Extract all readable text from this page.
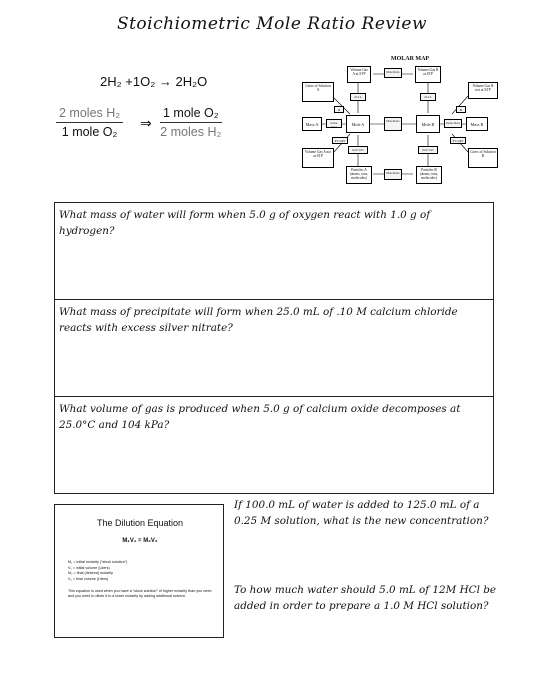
Stoichiometric Mole Ratio Review
2H₂ +1O₂ → 2H₂O
2 moles H₂
1 mole O₂	⇒
1 mole O₂
2 moles H₂
MOLAR MAP
Volume Gas A at STP
Mole Ratio	Volume Gas B at STP
Volume Gas B not at STP
Liters of Solution A
Mass A	Mole A
Mole Ratio
Mole B	Mass B
Liters of Solution B
Volume Gas A not at STP
Particles A (atoms, ions, molecules)
Mole Ratio
Particles B (atoms, ions, molecules)
22.4 L	22.4 L
M
molar mass
molar mass
M
PV=nRT	PV=nRT
6.02×10²³	6.02×10²³
What mass of water will form when 5.0 g of oxygen react with 1.0 g of hydrogen?
What mass of precipitate will form when 25.0 mL of .10 M calcium chloride reacts with excess silver nitrate?
What volume of gas is produced when 5.0 g of calcium oxide decomposes at 25.0°C and 104 kPa?
The Dilution Equation
M₁V₁ = M₂V₂
M₁ = initial molarity ("stock solution")
V₁ = initial volume (Liters)
M₂ = final (desired) molarity
V₂ = final volume (Liters)
This equation is used when you have a "stock solution" of higher molarity than you need and you need to dilute it to a lower molarity by adding additional solvent.
If 100.0 mL of water is added to 125.0 mL of a 0.25 M solution, what is the new concentration?
To how much water should 5.0 mL of 12M HCl be added in order to prepare a 1.0 M HCl solution?
